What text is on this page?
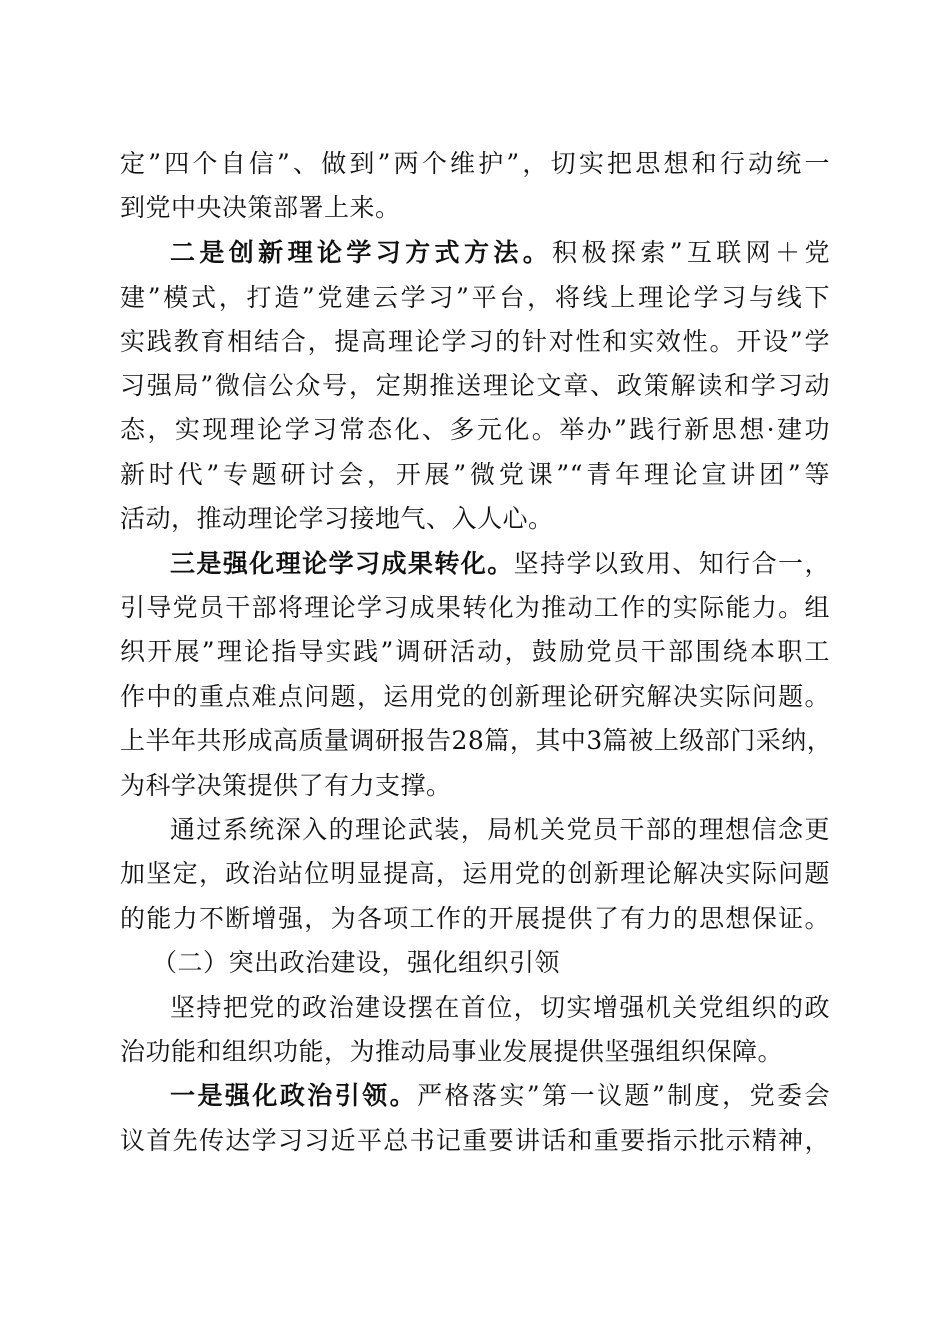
定”四个自信”、做到”两个维护”，切实把思想和行动统一
到党中央决策部署上来。
二是创新理论学习方式方法。积极探索”互联网＋党
建”模式，打造”党建云学习”平台，将线上理论学习与线下
实践教育相结合，提高理论学习的针对性和实效性。开设”学
习强局”微信公众号，定期推送理论文章、政策解读和学习动
态，实现理论学习常态化、多元化。举办”践行新思想·建功
新时代”专题研讨会，开展”微党课”“青年理论宣讲团”等
活动，推动理论学习接地气、入人心。
三是强化理论学习成果转化。坚持学以致用、知行合一，
引导党员干部将理论学习成果转化为推动工作的实际能力。组
织开展”理论指导实践”调研活动，鼓励党员干部围绕本职工
作中的重点难点问题，运用党的创新理论研究解决实际问题。
上半年共形成高质量调研报告28篇，其中3篇被上级部门采纳，
为科学决策提供了有力支撑。
通过系统深入的理论武装，局机关党员干部的理想信念更
加坚定，政治站位明显提高，运用党的创新理论解决实际问题
的能力不断增强，为各项工作的开展提供了有力的思想保证。
（二）突出政治建设，强化组织引领
坚持把党的政治建设摆在首位，切实增强机关党组织的政
治功能和组织功能，为推动局事业发展提供坚强组织保障。
一是强化政治引领。严格落实”第一议题”制度，党委会
议首先传达学习习近平总书记重要讲话和重要指示批示精神，
